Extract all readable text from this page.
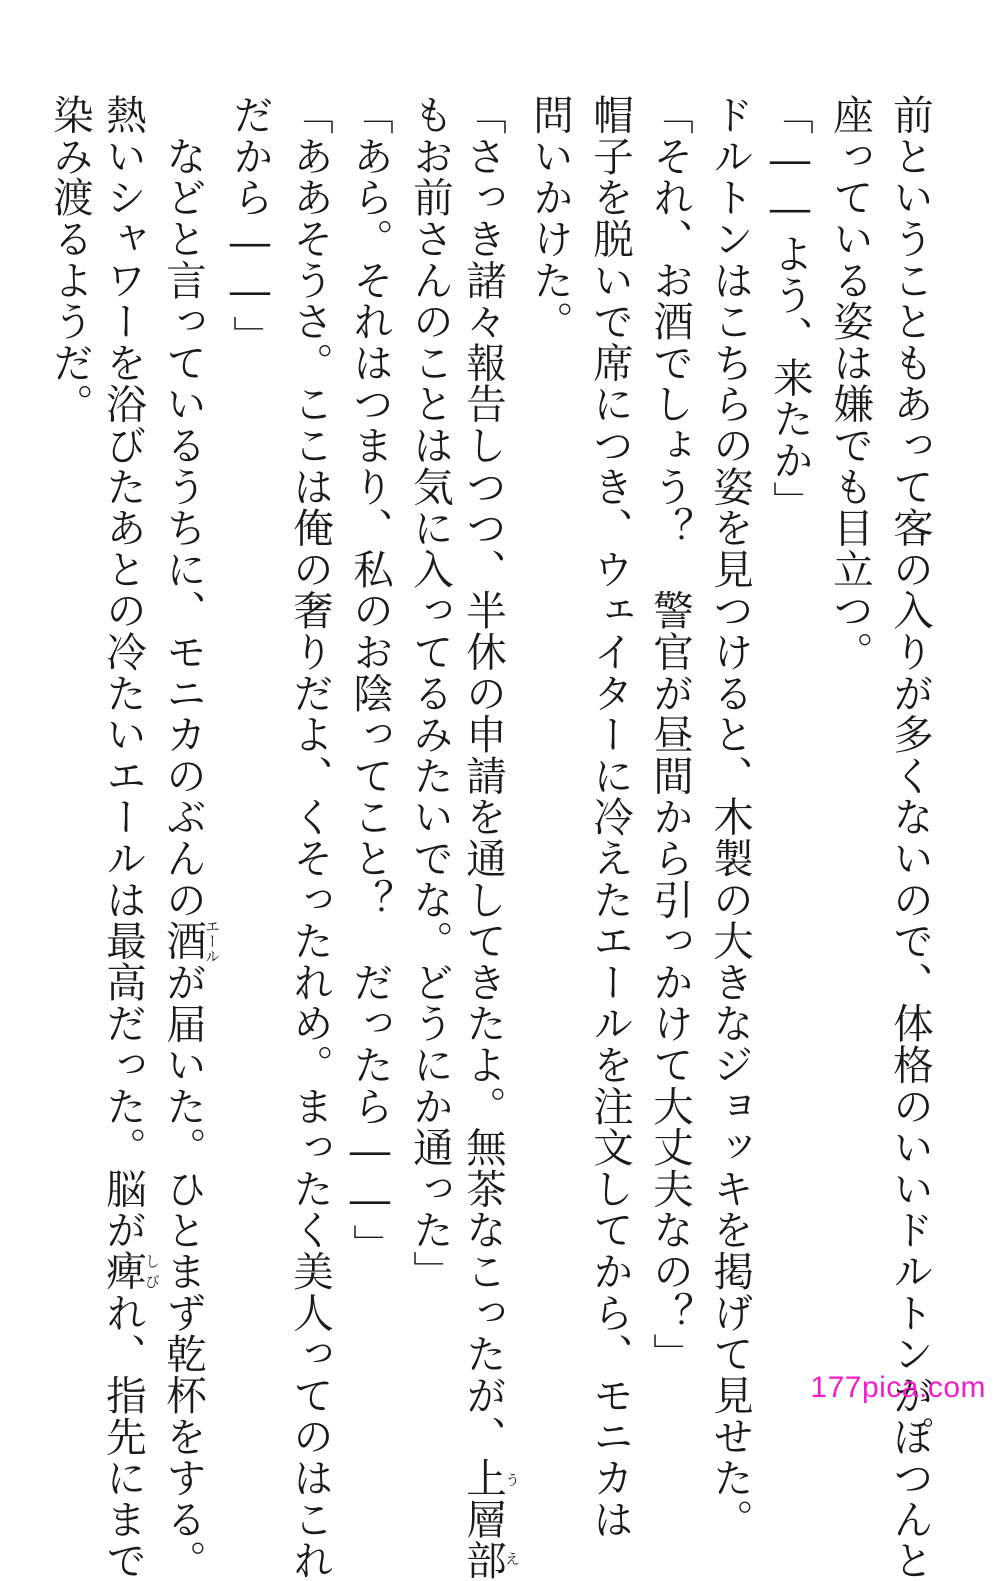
前ということもあって客の入りが多くないので、体格のいいドルトンがぽつんと
座っている姿は嫌でも目立つ。
「――よう、来たか」
ドルトンはこちらの姿を見つけると、木製の大きなジョッキを掲げて見せた。
「それ、お酒でしょう？　警官が昼間から引っかけて大丈夫なの？」
帽子を脱いで席につき、ウェイターに冷えたエールを注文してから、モニカは
問いかけた。
「さっき諸々報告しつつ、半休の申請を通してきたよ。無茶なこったが、上層部うえ
もお前さんのことは気に入ってるみたいでな。どうにか通った」
「あら。それはつまり、私のお陰ってこと？　だったら――」
「ああそうさ。ここは俺の奢りだよ、くそったれめ。まったく美人ってのはこれ
だから――」
　などと言っているうちに、モニカのぶんの酒エールが届いた。ひとまず乾杯をする。
熱いシャワーを浴びたあとの冷たいエールは最高だった。脳が痺しびれ、指先にまで
染み渡るようだ。
177pica.com
